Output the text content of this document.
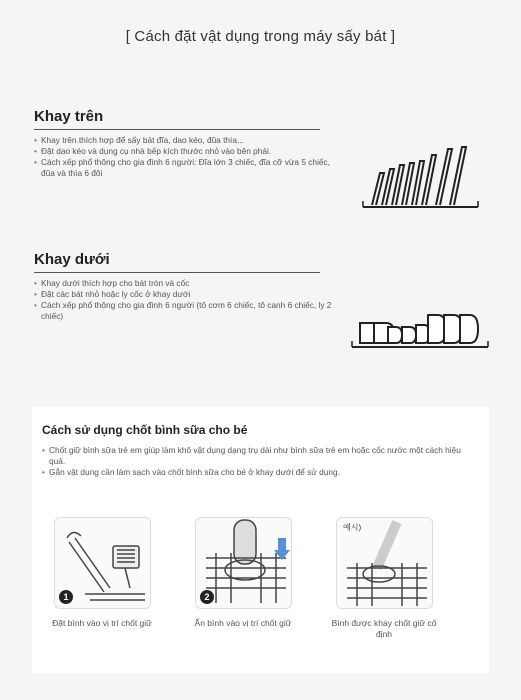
[ Cách đặt vật dụng trong máy sấy bát ]
Khay trên
• Khay trên thích hợp để sấy bát đĩa, dao kéo, đũa thìa...
• Đặt dao kéo và dụng cụ nhà bếp kích thước nhỏ vào bên phải.
• Cách xếp phổ thông cho gia đình 6 người: Đĩa lớn 3 chiếc, đĩa cỡ vừa 5 chiếc, đũa và thìa 6 đôi
Khay dưới
• Khay dưới thích hợp cho bát tròn và cốc
• Đặt các bát nhỏ hoặc ly cốc ở khay dưới
• Cách xếp phổ thông cho gia đình 6 người (tô cơm 6 chiếc, tô canh 6 chiếc, ly 2 chiếc)
Cách sử dụng chốt bình sữa cho bé
• Chốt giữ bình sữa trẻ em giúp làm khô vật dụng dạng trụ dài như bình sữa trẻ em hoặc cốc nước một cách hiệu quả.
• Gắn vật dụng cần làm sạch vào chốt bình sữa cho bé ở khay dưới để sử dụng.
1
Đặt bình vào vị trí chốt giữ
2
Ấn bình vào vị trí chốt giữ
예시)
Bình được khay chốt giữ cố định
